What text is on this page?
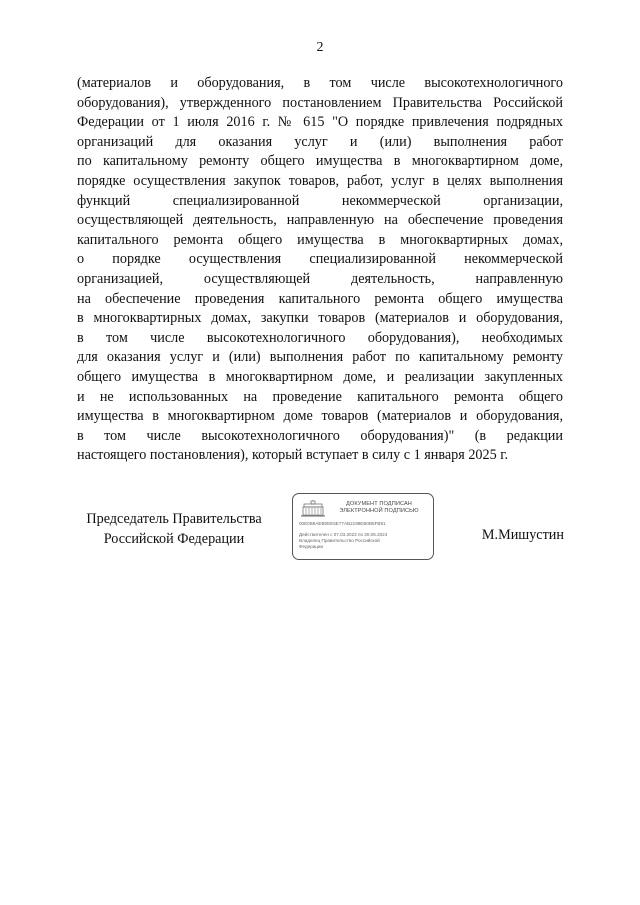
2
(материалов и оборудования, в том числе высокотехнологичного
оборудования), утвержденного постановлением Правительства Российской
Федерации от 1 июля 2016 г. № 615 "О порядке привлечения подрядных
организаций для оказания услуг и (или) выполнения работ
по капитальному ремонту общего имущества в многоквартирном доме,
порядке осуществления закупок товаров, работ, услуг в целях выполнения
функций специализированной некоммерческой организации,
осуществляющей деятельность, направленную на обеспечение проведения
капитального ремонта общего имущества в многоквартирных домах,
о порядке осуществления специализированной некоммерческой
организацией, осуществляющей деятельность, направленную
на обеспечение проведения капитального ремонта общего имущества
в многоквартирных домах, закупки товаров (материалов и оборудования,
в том числе высокотехнологичного оборудования), необходимых
для оказания услуг и (или) выполнения работ по капитальному ремонту
общего имущества в многоквартирном доме, и реализации закупленных
и не использованных на проведение капитального ремонта общего
имущества в многоквартирном доме товаров (материалов и оборудования,
в том числе высокотехнологичного оборудования)" (в редакции
настоящего постановления), который вступает в силу с 1 января 2025 г.
Председатель Правительства
Российской Федерации
ДОКУМЕНТ ПОДПИСАН
ЭЛЕКТРОННОЙ ПОДПИСЬЮ
00E0B9AEB0EE5E77AB2198EB0B5FB91
Действителен с 07.03.2023 по 30.05.2024
Владелец Правительство Российской
Федерации
М.Мишустин
